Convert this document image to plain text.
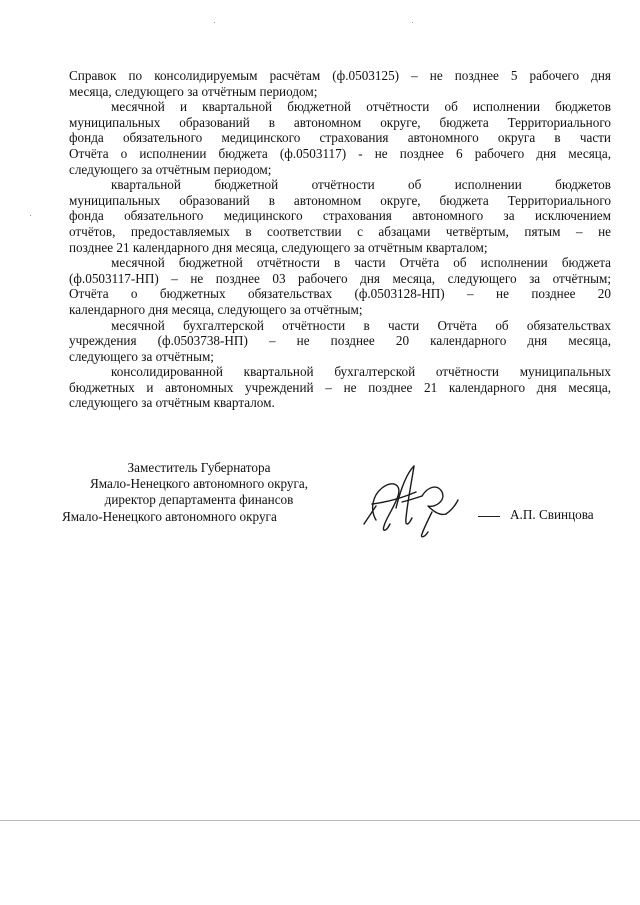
Справок по консолидируемым расчётам (ф.0503125) – не позднее 5 рабочего дня
месяца, следующего за отчётным периодом;
месячной и квартальной бюджетной отчётности об исполнении бюджетов
муниципальных образований в автономном округе, бюджета Территориального
фонда обязательного медицинского страхования автономного округа в части
Отчёта о исполнении бюджета (ф.0503117) - не позднее 6 рабочего дня месяца,
следующего за отчётным периодом;
квартальной бюджетной отчётности об исполнении бюджетов
муниципальных образований в автономном округе, бюджета Территориального
фонда обязательного медицинского страхования автономного за исключением
отчётов, предоставляемых в соответствии с абзацами четвёртым, пятым – не
позднее 21 календарного дня месяца, следующего за отчётным кварталом;
месячной бюджетной отчётности в части Отчёта об исполнении бюджета
(ф.0503117-НП) – не позднее 03 рабочего дня месяца, следующего за отчётным;
Отчёта о бюджетных обязательствах (ф.0503128-НП) – не позднее 20
календарного дня месяца, следующего за отчётным;
месячной бухгалтерской отчётности в части Отчёта об обязательствах
учреждения (ф.0503738-НП) – не позднее 20 календарного дня месяца,
следующего за отчётным;
консолидированной квартальной бухгалтерской отчётности муниципальных
бюджетных и автономных учреждений – не позднее 21 календарного дня месяца,
следующего за отчётным кварталом.
Заместитель Губернатора
Ямало-Ненецкого автономного округа,
директор департамента финансов
Ямало-Ненецкого автономного округа	А.П. Свинцова
